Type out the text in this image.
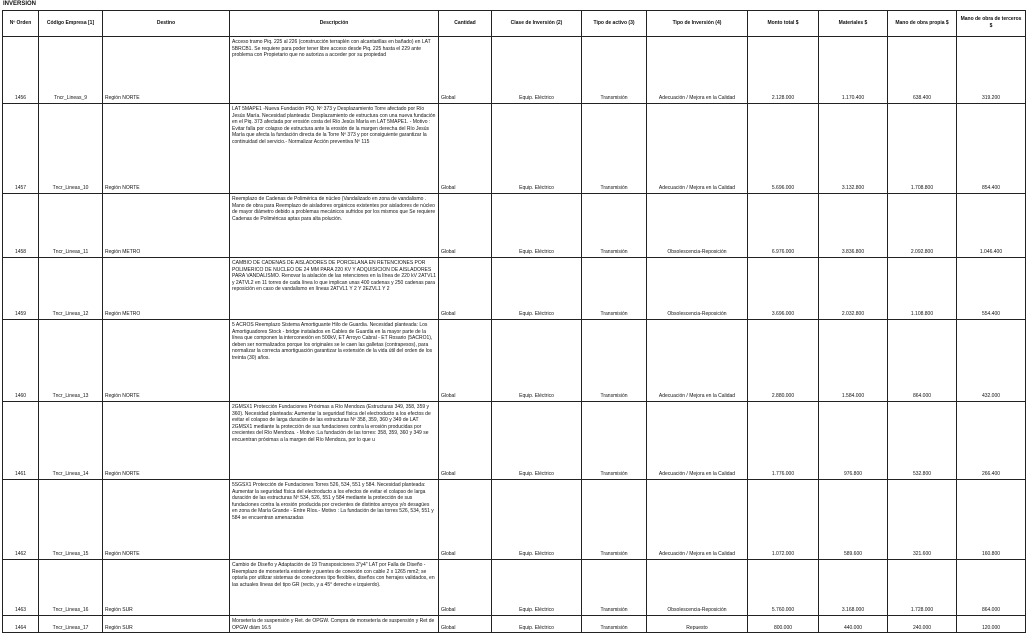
INVERSIÓN
Nº Orden	Código Empresa [1]	Destino	Descripción	Cantidad	Clase de Inversión (2)	Tipo de activo (3)	Tipo de Inversión (4)	Monto total $	Materiales $	Mano de obra propia $	Mano de obra de terceros $
1456	Tncr_Lineas_9	Región NORTE	Acceso tramo Piq. 225 al 226 (construcción terraplén con alcantarillas en bañado) en LAT 5BRCB1. Se requiere para poder tener libre acceso desde Piq. 225 hasta el 229 ante problema con Propietario que no autoriza a acceder por su propiedad	Global	Equip. Eléctrico	Transmisión	Adecuación / Mejora en la Calidad	2.128.000	1.170.400	638.400	319.200
1457	Tncr_Lineas_10	Región NORTE	LAT 5MAPE1 -Nueva Fundación PIQ. Nº 373 y Desplazamiento Torre afectado por Río Jesús María. Necesidad planteada: Desplazamiento de estructura con una nueva fundación en el Piq. 373 afectada por erosión costa del Río Jesús María en LAT 5MAPE1. - Motivo : Evitar falla por colapso de estructura ante la erosión de la margen derecha del Río Jesús María que afecta la fundación directa de la Torre Nº 373 y por consiguiente garantizar la continuidad del servicio.- Normalizar Acción preventiva Nº 115	Global	Equip. Eléctrico	Transmisión	Adecuación / Mejora en la Calidad	5.696.000	3.132.800	1.708.800	854.400
1458	Tncr_Lineas_11	Región METRO	Reemplazo de Cadenas de Polimérica de núcleo (Vandalizado en zona de vandalismo . Mano de obra para Reemplazo de aisladores orgánicos existentes por aisladores de núcleo de mayor diámetro debido a problemas mecánicos sufridos por los mismos que Se requiere Cadenas de Poliméricas aptas para alta polución.	Global	Equip. Eléctrico	Transmisión	Obsolescencia-Reposición	6.976.000	3.836.800	2.092.800	1.046.400
1459	Tncr_Lineas_12	Región METRO	CAMBIO DE CADENAS DE AISLADORES DE PORCELANA EN RETENCIONES POR POLIMERICO DE NUCLEO DE 24 MM PARA 220 KV Y ADQUISICION DE AISLADORES PARA VANDALISMO. Renovar la aislación de las retenciones en la línea de 220 kV 2ATVL1 y 2ATVL2 en 11 torres de cada línea lo que implican unas 400 cadenas y 250 cadenas para reposición en caso de vandalismo en líneas 2ATVL1 Y 2 Y 2EZVL1 Y 2	Global	Equip. Eléctrico	Transmisión	Obsolescencia-Reposición	3.696.000	2.032.800	1.108.800	554.400
1460	Tncr_Lineas_13	Región NORTE	5 ACROS Reemplazo Sistema Amortiguante Hilo de Guardia. Necesidad planteada: Los Amortiguadores Stock - bridge instalados en Cables de Guardia en la mayor parte de la línea que componen la interconexión en 500kV, ET Arroyo Cabral - ET Rosario (5ACRO1), deben ser normalizados porque los originales se le caen las galletas (contrapesos), para normalizar la correcta amortiguación garantizar la extensión de la vida útil del orden de los treinta (30) años.	Global	Equip. Eléctrico	Transmisión	Adecuación / Mejora en la Calidad	2.880.000	1.584.000	864.000	432.000
1461	Tncr_Lineas_14	Región NORTE	2GMSX1 Protección Fundaciones Próximas a Río Mendoza (Estructuras 349, 358, 359 y 360). Necesidad planteada: Aumentar la seguridad física del electroducto a los efectos de evitar el colapso de larga duración de las estructuras Nº 358, 359, 360 y 349 de LAT 2GMSX1 mediante la protección de sus fundaciones contra la erosión producidas por crecientes del Río Mendoza. - Motivo :La fundación de las torres: 358, 359, 360 y 349 se encuentran próximas a la margen del Río Mendoza, por lo que u	Global	Equip. Eléctrico	Transmisión	Adecuación / Mejora en la Calidad	1.776.000	976.800	532.800	266.400
1462	Tncr_Lineas_15	Región NORTE	5SGSX1 Protección de Fundaciones Torres 526, 534, 551 y 584. Necesidad planteada: Aumentar la seguridad física del electroducto a los efectos de evitar el colapso de larga duración de las estructuras Nº 534, 526, 551 y 584 mediante la protección de sus fundaciones contra la erosión producida por crecientes de distintos arroyos y/o desagües en zona de María Grande - Entre Ríos.- Motivo : La fundación de las torres 526, 534, 551 y 584 se encuentran amenazadas	Global	Equip. Eléctrico	Transmisión	Adecuación / Mejora en la Calidad	1.072.000	589.600	321.600	160.800
1463	Tncr_Lineas_16	Región SUR	Cambio de Diseño y Adaptación de 19 Transposiciones 3"y4" LAT por Falla de Diseño - Reemplazo de morsetería existente y puentes de conexión con cable 2 x 1265 mm2; se optaría por utilizar sistemas de conectores tipo flexibles, diseños con herrajes validados, en las actuales líneas del tipo GR (recto, y a 45° derecho e izquierdo).	Global	Equip. Eléctrico	Transmisión	Obsolescencia-Reposición	5.760.000	3.168.000	1.728.000	864.000
1464	Tncr_Lineas_17	Región SUR	Morsetería de suspensión y Ret. de OPGW. Compra de morsetería de suspensión y Ret de OPGW diám 16.5	Global	Equip. Eléctrico	Transmisión	Repuesto	800.000	440.000	240.000	120.000
